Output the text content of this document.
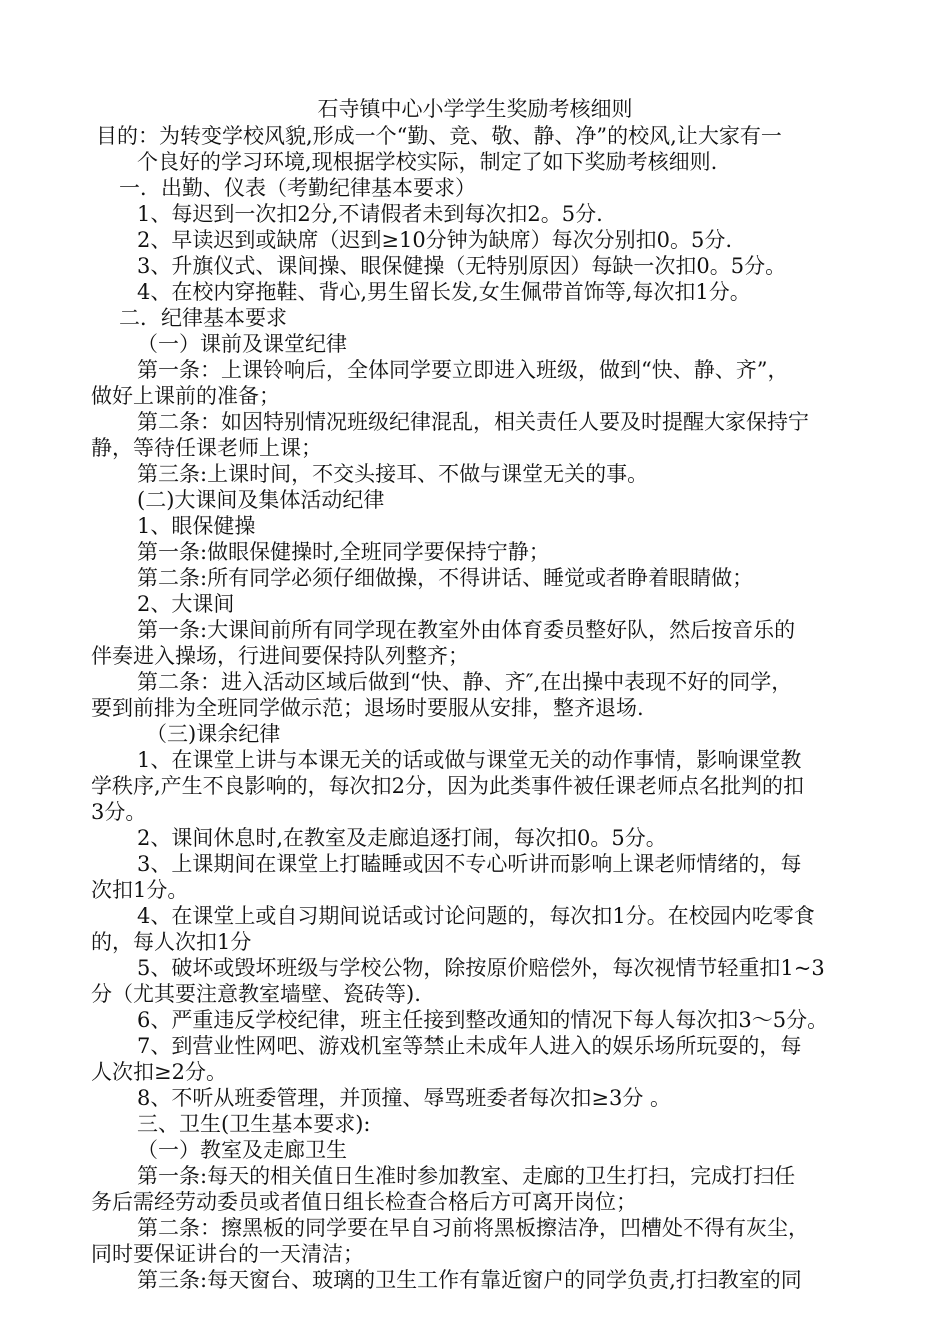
石寺镇中心小学学生奖励考核细则
目的：为转变学校风貌,形成一个“勤、竞、敬、静、净”的校风,让大家有一
个良好的学习环境,现根据学校实际，制定了如下奖励考核细则.
一．出勤、仪表（考勤纪律基本要求）
1、每迟到一次扣2分,不请假者未到每次扣2。5分.
2、早读迟到或缺席（迟到≥10分钟为缺席）每次分别扣0。5分.
3、升旗仪式、课间操、眼保健操（无特别原因）每缺一次扣0。5分。
4、在校内穿拖鞋、背心,男生留长发,女生佩带首饰等,每次扣1分。
二．纪律基本要求
（一）课前及课堂纪律
第一条：上课铃响后，全体同学要立即进入班级，做到“快、静、齐”，
做好上课前的准备；
第二条：如因特别情况班级纪律混乱，相关责任人要及时提醒大家保持宁
静，等待任课老师上课；
第三条:上课时间，不交头接耳、不做与课堂无关的事。
(二)大课间及集体活动纪律
1、眼保健操
第一条:做眼保健操时,全班同学要保持宁静；
第二条:所有同学必须仔细做操，不得讲话、睡觉或者睁着眼睛做；
2、大课间
第一条:大课间前所有同学现在教室外由体育委员整好队，然后按音乐的
伴奏进入操场，行进间要保持队列整齐；
第二条：进入活动区域后做到“快、静、齐″,在出操中表现不好的同学，
要到前排为全班同学做示范；退场时要服从安排，整齐退场.
（三)课余纪律
1、在课堂上讲与本课无关的话或做与课堂无关的动作事情，影响课堂教
学秩序,产生不良影响的，每次扣2分，因为此类事件被任课老师点名批判的扣
3分。
2、课间休息时,在教室及走廊追逐打闹，每次扣0。5分。
3、上课期间在课堂上打瞌睡或因不专心听讲而影响上课老师情绪的，每
次扣1分。
4、在课堂上或自习期间说话或讨论问题的，每次扣1分。在校园内吃零食
的，每人次扣1分
5、破坏或毁坏班级与学校公物，除按原价赔偿外，每次视情节轻重扣1~3
分（尤其要注意教室墙壁、瓷砖等).
6、严重违反学校纪律，班主任接到整改通知的情况下每人每次扣3～5分。
7、到营业性网吧、游戏机室等禁止未成年人进入的娱乐场所玩耍的，每
人次扣≥2分。
8、不听从班委管理，并顶撞、辱骂班委者每次扣≥3分 。
三、卫生(卫生基本要求):
（一）教室及走廊卫生
第一条:每天的相关值日生准时参加教室、走廊的卫生打扫，完成打扫任
务后需经劳动委员或者值日组长检查合格后方可离开岗位；
第二条：擦黑板的同学要在早自习前将黑板擦洁净，凹槽处不得有灰尘，
同时要保证讲台的一天清洁；
第三条:每天窗台、玻璃的卫生工作有靠近窗户的同学负责,打扫教室的同
